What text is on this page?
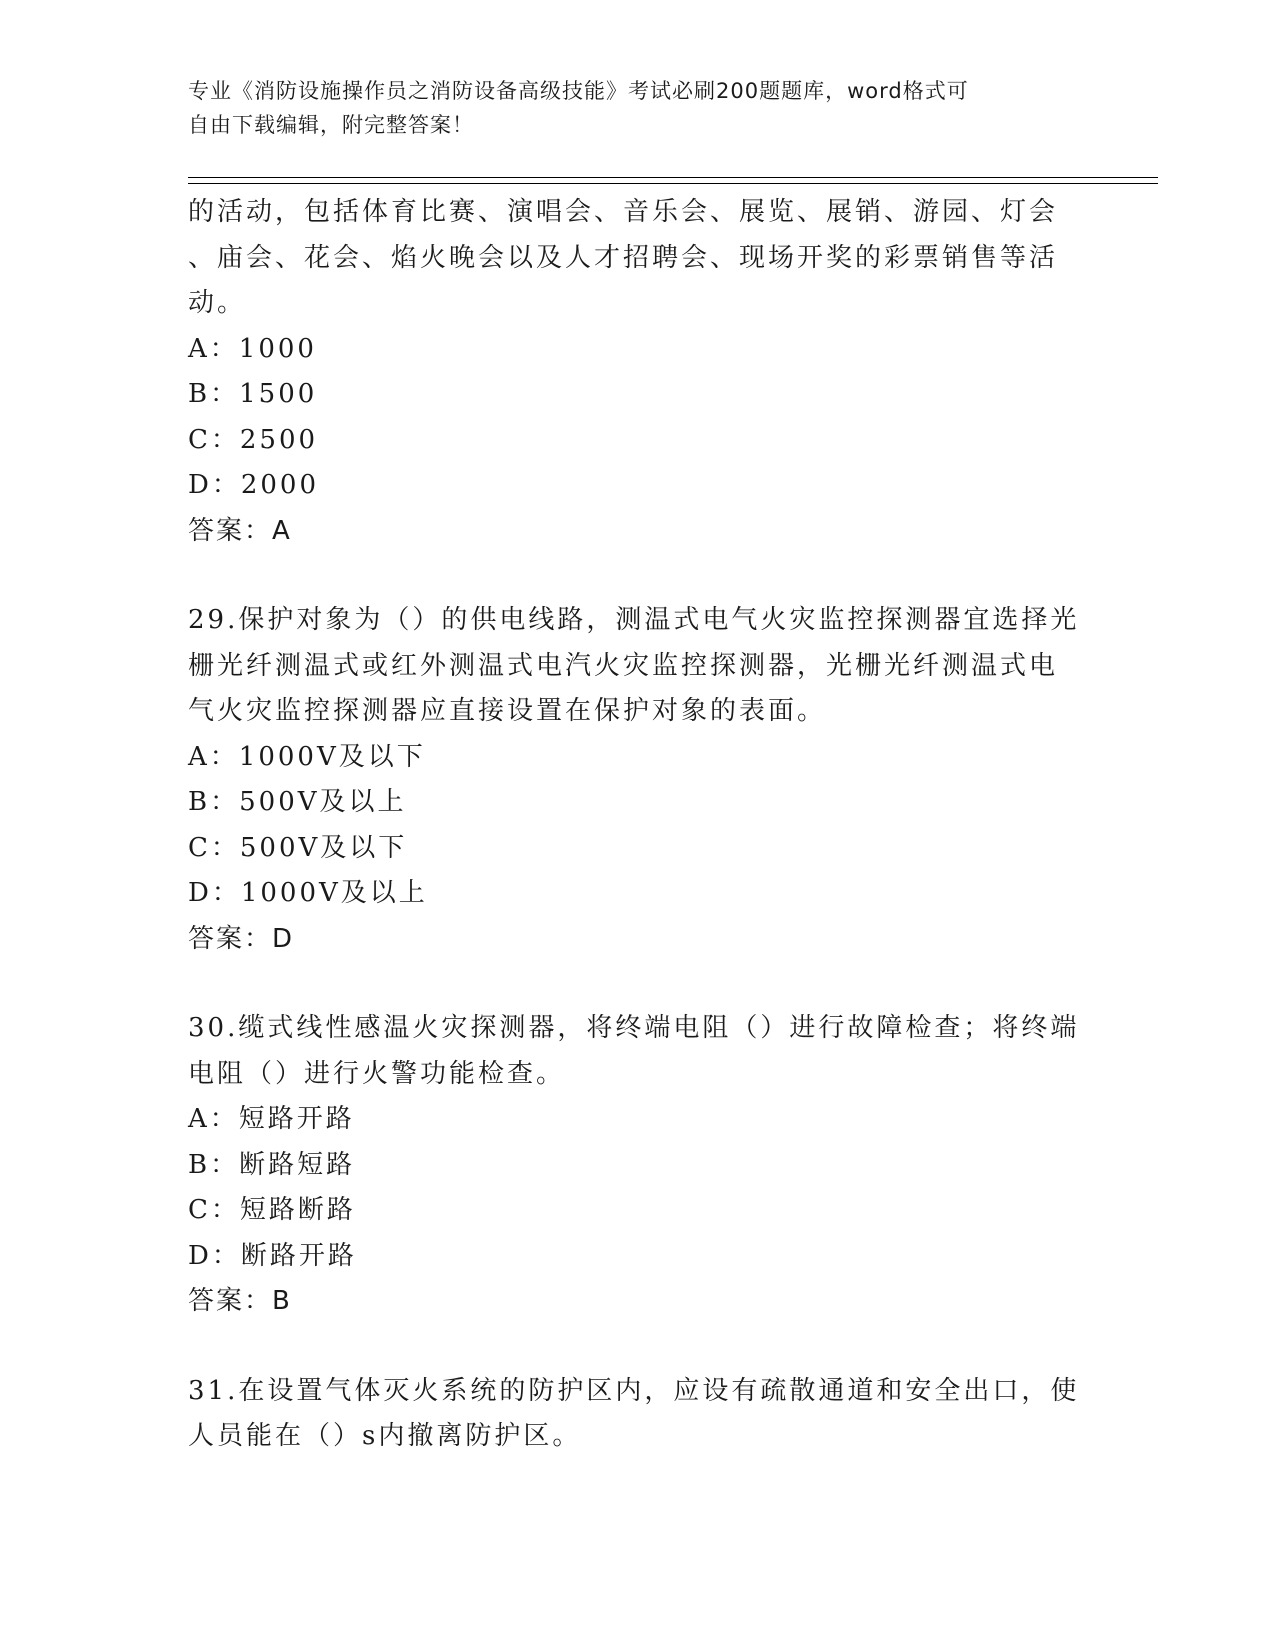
专业《消防设施操作员之消防设备高级技能》考试必刷200题题库，word格式可
自由下载编辑，附完整答案！
的活动，包括体育比赛、演唱会、音乐会、展览、展销、游园、灯会
、庙会、花会、焰火晚会以及人才招聘会、现场开奖的彩票销售等活
动。
A：1000
B：1500
C：2500
D：2000
答案：A
29.保护对象为（）的供电线路，测温式电气火灾监控探测器宜选择光
栅光纤测温式或红外测温式电汽火灾监控探测器，光栅光纤测温式电
气火灾监控探测器应直接设置在保护对象的表面。
A：1000V及以下
B：500V及以上
C：500V及以下
D：1000V及以上
答案：D
30.缆式线性感温火灾探测器，将终端电阻（）进行故障检查；将终端
电阻（）进行火警功能检查。
A：短路开路
B：断路短路
C：短路断路
D：断路开路
答案：B
31.在设置气体灭火系统的防护区内，应设有疏散通道和安全出口，使
人员能在（）s内撤离防护区。
